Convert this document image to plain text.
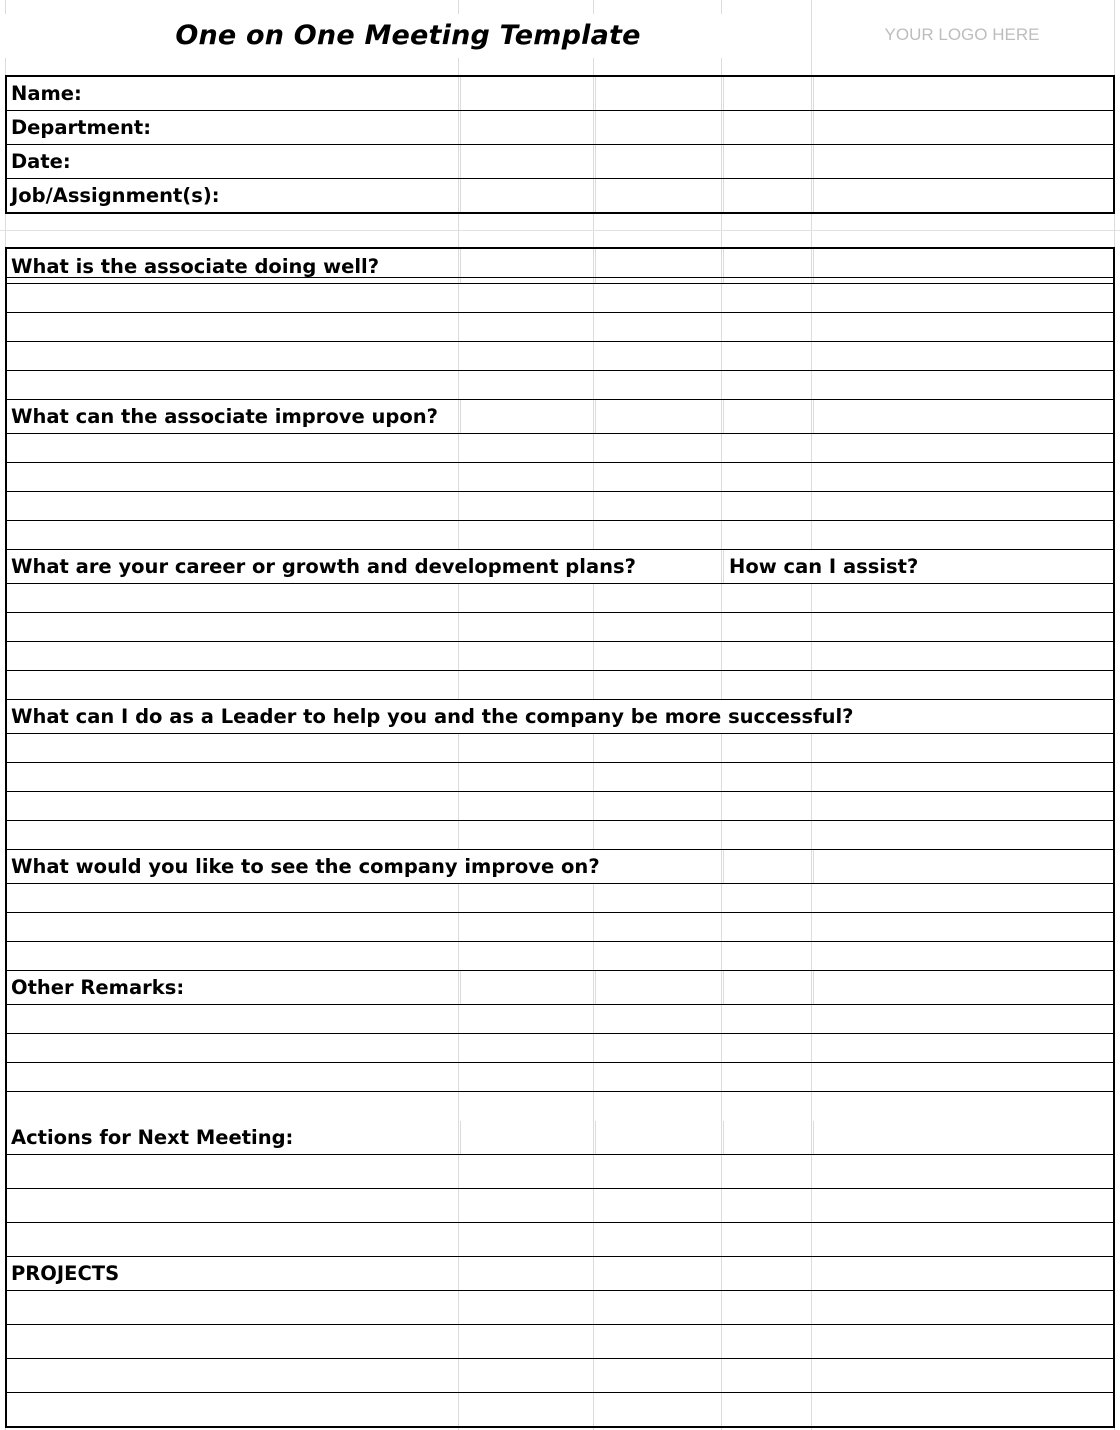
One on One Meeting Template	YOUR LOGO HERE
Name:
Department:
Date:
Job/Assignment(s):
What is the associate doing well?
What can the associate improve upon?
What are your career or growth and development plans?	How can I assist?
What can I do as a Leader to help you and the company be more successful?
What would you like to see the company improve on?
Other Remarks:
Actions for Next Meeting:
PROJECTS
